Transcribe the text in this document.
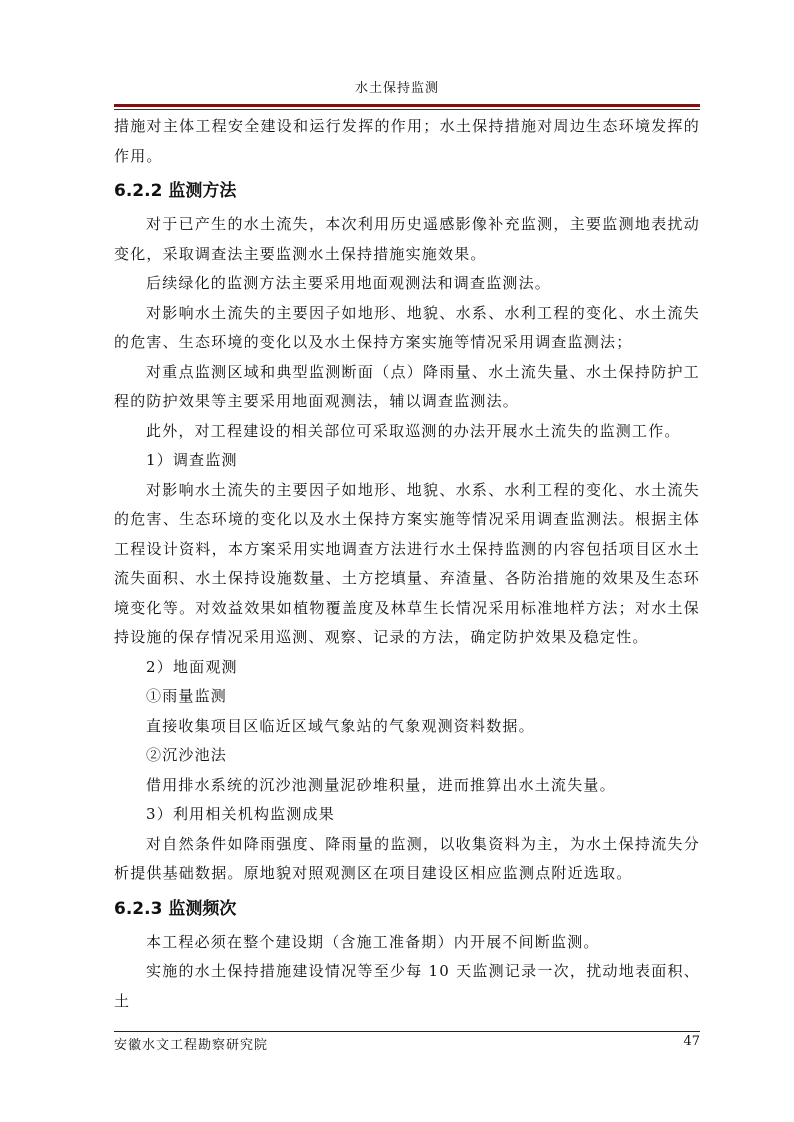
水土保持监测

措施对主体工程安全建设和运行发挥的作用；水土保持措施对周边生态环境发挥的作用。

6.2.2 监测方法

对于已产生的水土流失，本次利用历史遥感影像补充监测，主要监测地表扰动变化，采取调查法主要监测水土保持措施实施效果。

后续绿化的监测方法主要采用地面观测法和调查监测法。

对影响水土流失的主要因子如地形、地貌、水系、水利工程的变化、水土流失的危害、生态环境的变化以及水土保持方案实施等情况采用调查监测法；

对重点监测区域和典型监测断面（点）降雨量、水土流失量、水土保持防护工程的防护效果等主要采用地面观测法，辅以调查监测法。

此外，对工程建设的相关部位可采取巡测的办法开展水土流失的监测工作。

1）调查监测

对影响水土流失的主要因子如地形、地貌、水系、水利工程的变化、水土流失的危害、生态环境的变化以及水土保持方案实施等情况采用调查监测法。根据主体工程设计资料，本方案采用实地调查方法进行水土保持监测的内容包括项目区水土流失面积、水土保持设施数量、土方挖填量、弃渣量、各防治措施的效果及生态环境变化等。对效益效果如植物覆盖度及林草生长情况采用标准地样方法；对水土保持设施的保存情况采用巡测、观察、记录的方法，确定防护效果及稳定性。

2）地面观测

①雨量监测

直接收集项目区临近区域气象站的气象观测资料数据。

②沉沙池法

借用排水系统的沉沙池测量泥砂堆积量，进而推算出水土流失量。

3）利用相关机构监测成果

对自然条件如降雨强度、降雨量的监测，以收集资料为主，为水土保持流失分析提供基础数据。原地貌对照观测区在项目建设区相应监测点附近选取。

6.2.3 监测频次

本工程必须在整个建设期（含施工准备期）内开展不间断监测。

实施的水土保持措施建设情况等至少每 10 天监测记录一次，扰动地表面积、土

安徽水文工程勘察研究院	47
